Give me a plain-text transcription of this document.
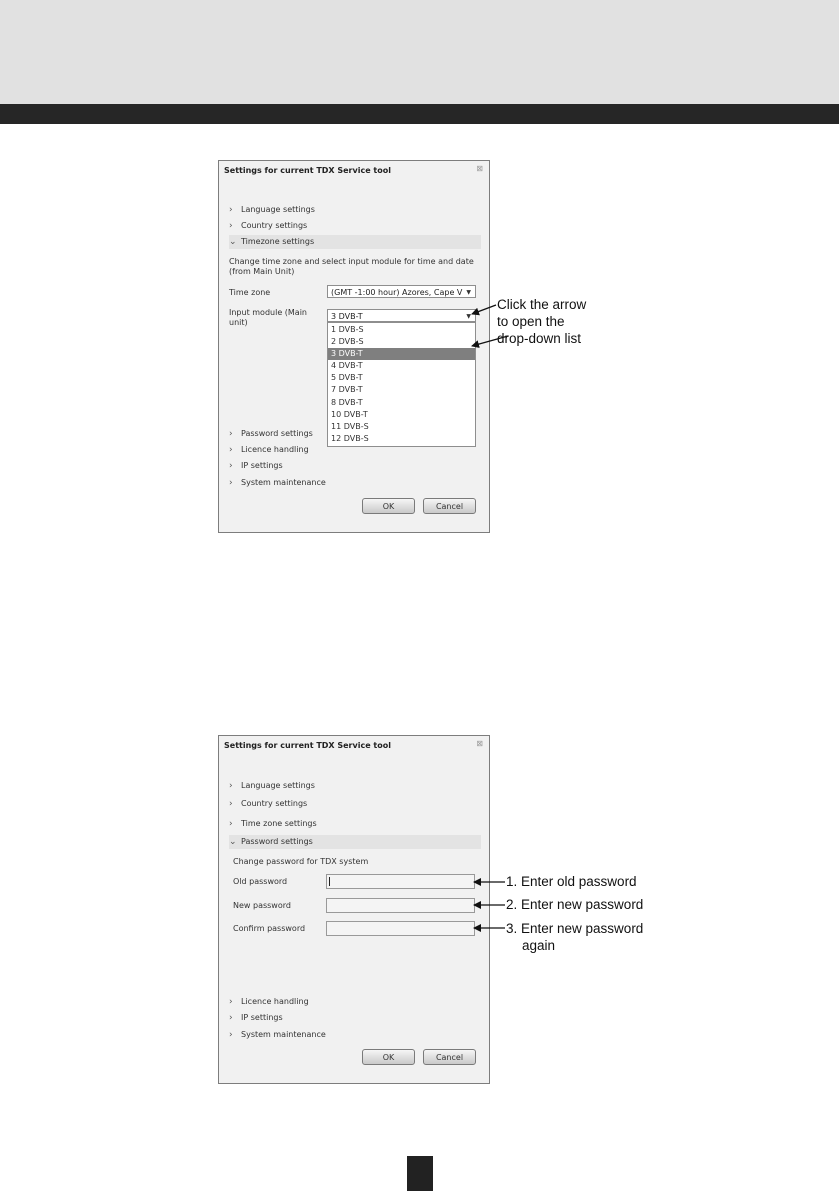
Settings for current TDX Service tool	⊠
› Language settings
› Country settings
⌄ Timezone settings
Change time zone and select input module for time and date
(from Main Unit)
Time zone	(GMT -1:00 hour) Azores, Cape V ▼
Input module (Main
unit)
3 DVB-T	▼
1 DVB-S
2 DVB-S
3 DVB-T
4 DVB-T
5 DVB-T
7 DVB-T
8 DVB-T
10 DVB-T
11 DVB-S
12 DVB-S
› Password settings
› Licence handling
› IP settings
› System maintenance
OK	Cancel
Settings for current TDX Service tool	⊠
› Language settings
› Country settings
› Time zone settings
⌄ Password settings
Change password for TDX system
Old password
New password
Confirm password
› Licence handling
› IP settings
› System maintenance
OK	Cancel
Click the arrow
to open the
drop-down list
1. Enter old password
2. Enter new password
3. Enter new password
again
